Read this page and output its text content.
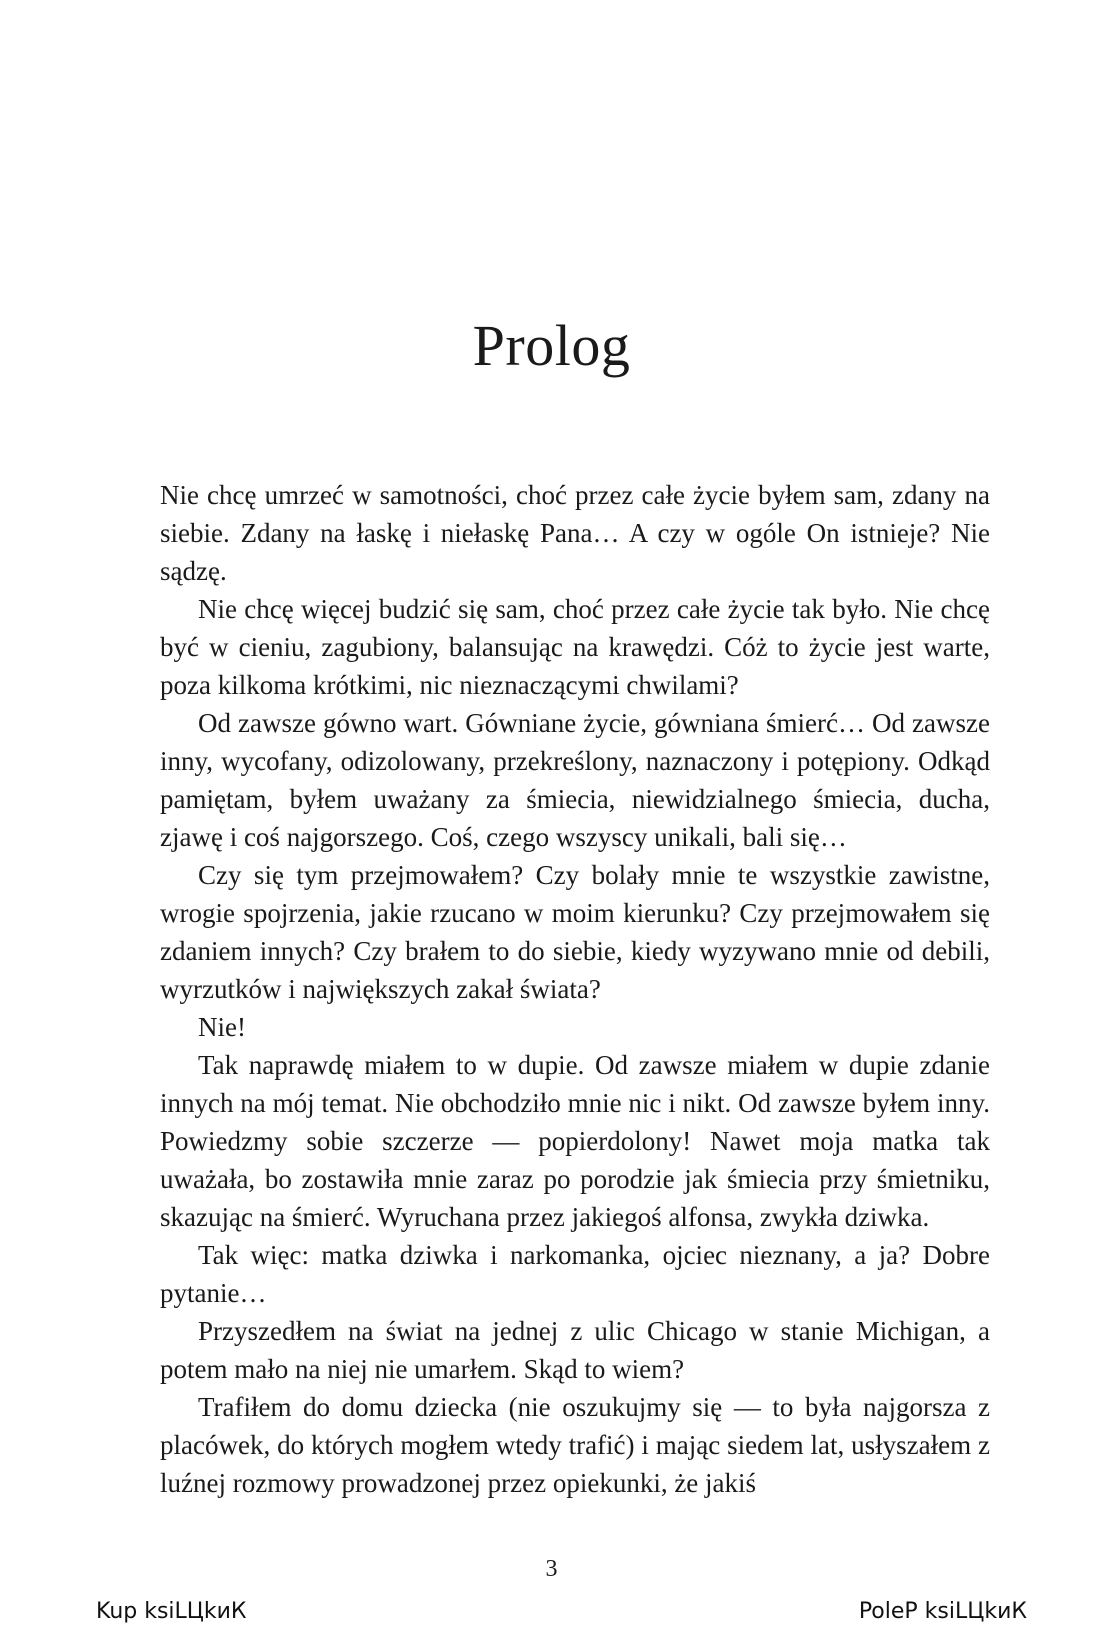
Prolog

Nie chcę umrzeć w samotności, choć przez całe życie byłem sam, zdany na siebie. Zdany na łaskę i niełaskę Pana… A czy w ogóle On istnieje? Nie sądzę.

Nie chcę więcej budzić się sam, choć przez całe życie tak było. Nie chcę być w cieniu, zagubiony, balansując na krawędzi. Cóż to życie jest warte, poza kilkoma krótkimi, nic nieznaczącymi chwilami?

Od zawsze gówno wart. Gówniane życie, gówniana śmierć… Od zawsze inny, wycofany, odizolowany, przekreślony, naznaczony i potępiony. Odkąd pamiętam, byłem uważany za śmiecia, niewidzialnego śmiecia, ducha, zjawę i coś najgorszego. Coś, czego wszyscy unikali, bali się…

Czy się tym przejmowałem? Czy bolały mnie te wszystkie zawistne, wrogie spojrzenia, jakie rzucano w moim kierunku? Czy przejmowałem się zdaniem innych? Czy brałem to do siebie, kiedy wyzywano mnie od debili, wyrzutków i największych zakał świata?

Nie!

Tak naprawdę miałem to w dupie. Od zawsze miałem w dupie zdanie innych na mój temat. Nie obchodziło mnie nic i nikt. Od zawsze byłem inny. Powiedzmy sobie szczerze — popierdolony! Nawet moja matka tak uważała, bo zostawiła mnie zaraz po porodzie jak śmiecia przy śmietniku, skazując na śmierć. Wyruchana przez jakiegoś alfonsa, zwykła dziwka.

Tak więc: matka dziwka i narkomanka, ojciec nieznany, a ja? Dobre pytanie…

Przyszedłem na świat na jednej z ulic Chicago w stanie Michigan, a potem mało na niej nie umarłem. Skąd to wiem?

Trafiłem do domu dziecka (nie oszukujmy się — to była najgorsza z placówek, do których mogłem wtedy trafić) i mając siedem lat, usłyszałem z luźnej rozmowy prowadzonej przez opiekunki, że jakiś

3
Kup ksiLЦkиК	PoleР ksiLЦkиК
